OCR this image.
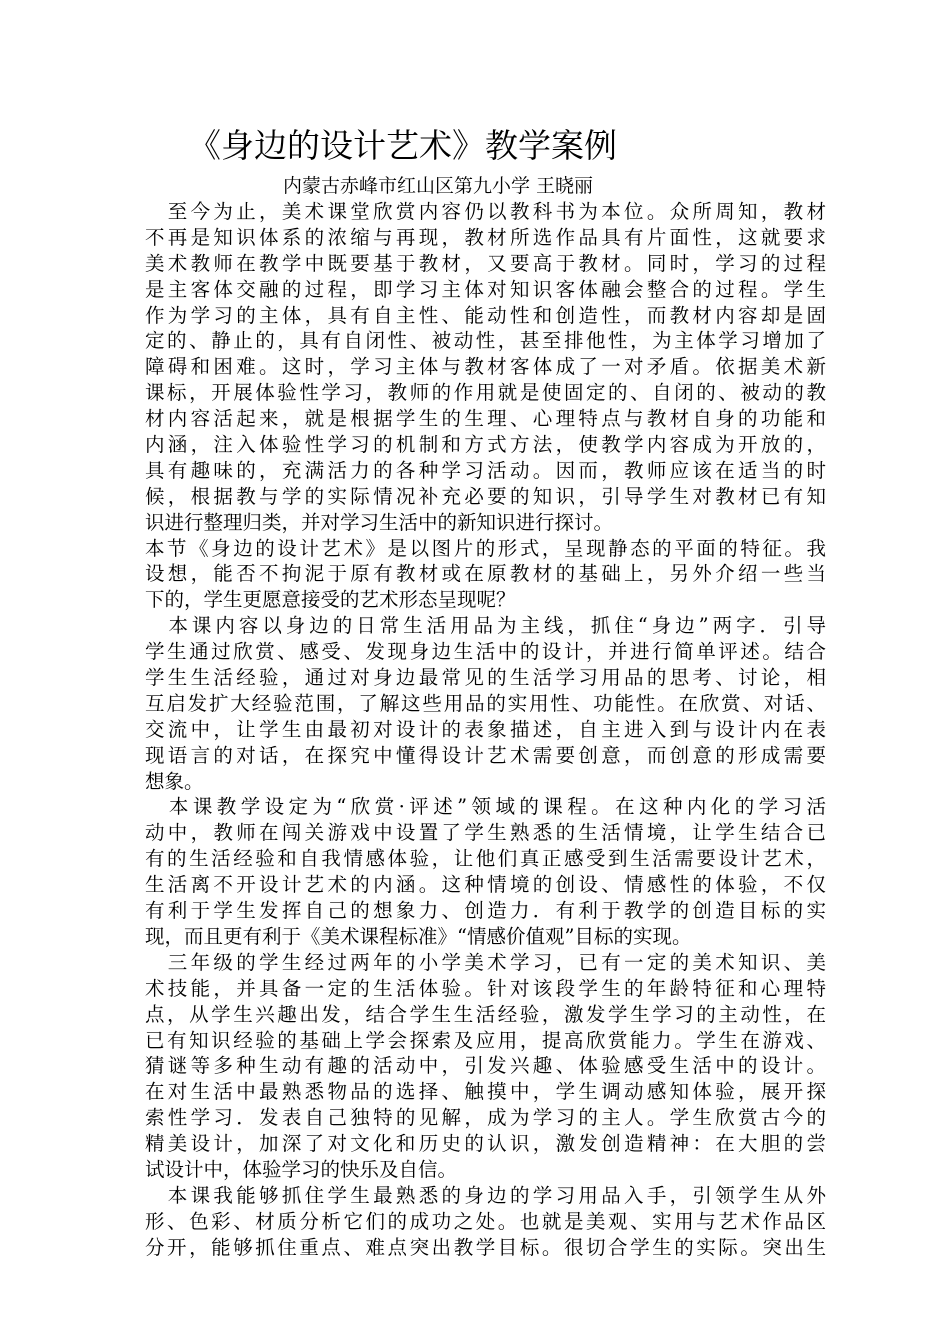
《身边的设计艺术》教学案例
内蒙古赤峰市红山区第九小学 王晓丽
　至今为止，美术课堂欣赏内容仍以教科书为本位。众所周知，教材
不再是知识体系的浓缩与再现，教材所选作品具有片面性，这就要求
美术教师在教学中既要基于教材，又要高于教材。同时，学习的过程
是主客体交融的过程，即学习主体对知识客体融会整合的过程。学生
作为学习的主体，具有自主性、能动性和创造性，而教材内容却是固
定的、静止的，具有自闭性、被动性，甚至排他性，为主体学习增加了
障碍和困难。这时，学习主体与教材客体成了一对矛盾。依据美术新
课标，开展体验性学习，教师的作用就是使固定的、自闭的、被动的教
材内容活起来，就是根据学生的生理、心理特点与教材自身的功能和
内涵，注入体验性学习的机制和方式方法，使教学内容成为开放的，
具有趣味的，充满活力的各种学习活动。因而，教师应该在适当的时
候，根据教与学的实际情况补充必要的知识，引导学生对教材已有知
识进行整理归类，并对学习生活中的新知识进行探讨。
本节《身边的设计艺术》是以图片的形式，呈现静态的平面的特征。我
设想，能否不拘泥于原有教材或在原教材的基础上，另外介绍一些当
下的，学生更愿意接受的艺术形态呈现呢？
　本课内容以身边的日常生活用品为主线，抓住“身边”两字．引导
学生通过欣赏、感受、发现身边生活中的设计，并进行简单评述。结合
学生生活经验，通过对身边最常见的生活学习用品的思考、讨论，相
互启发扩大经验范围，了解这些用品的实用性、功能性。在欣赏、对话、
交流中，让学生由最初对设计的表象描述，自主进入到与设计内在表
现语言的对话，在探究中懂得设计艺术需要创意，而创意的形成需要
想象。
　本课教学设定为“欣赏·评述”领域的课程。在这种内化的学习活
动中，教师在闯关游戏中设置了学生熟悉的生活情境，让学生结合已
有的生活经验和自我情感体验，让他们真正感受到生活需要设计艺术，
生活离不开设计艺术的内涵。这种情境的创设、情感性的体验，不仅
有利于学生发挥自己的想象力、创造力．有利于教学的创造目标的实
现，而且更有利于《美术课程标准》“情感价值观”目标的实现。
　三年级的学生经过两年的小学美术学习，已有一定的美术知识、美
术技能，并具备一定的生活体验。针对该段学生的年龄特征和心理特
点，从学生兴趣出发，结合学生生活经验，激发学生学习的主动性，在
已有知识经验的基础上学会探索及应用，提高欣赏能力。学生在游戏、
猜谜等多种生动有趣的活动中，引发兴趣、体验感受生活中的设计。
在对生活中最熟悉物品的选择、触摸中，学生调动感知体验，展开探
索性学习．发表自己独特的见解，成为学习的主人。学生欣赏古今的
精美设计，加深了对文化和历史的认识，激发创造精神：在大胆的尝
试设计中，体验学习的快乐及自信。
　本课我能够抓住学生最熟悉的身边的学习用品入手，引领学生从外
形、色彩、材质分析它们的成功之处。也就是美观、实用与艺术作品区
分开，能够抓住重点、难点突出教学目标。很切合学生的实际。突出生
